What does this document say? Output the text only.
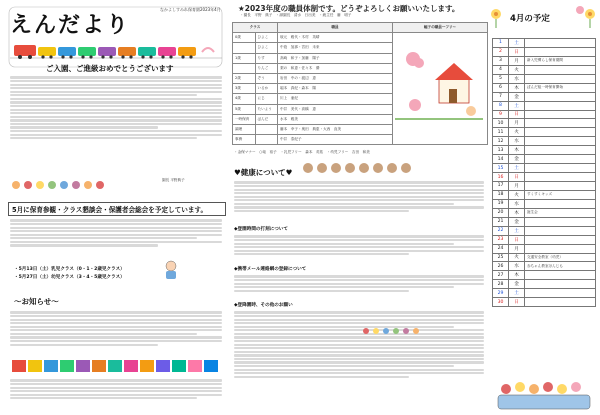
えんだより
なかよしすみれ保育園2023年4月
ご入園、ご進級おめでとうございます
園長 平野典子
5月に保育参観・クラス懇談会・保護者会総会を予定しています。
・5月13日（土）乳児クラス（0・1・2歳児クラス）
・5月27日（土）幼児クラス（3・4・5歳児クラス）
～お知らせ～
★2023年度の職員体制です。どうぞよろしくお願いいたします。
・園長　平野　典子　・副園長　清水　日出美　・統主任　藤　明子
クラス		職員	幅子の職員一フリー
0歳	ひよこ	坂元　雅代・木村　英晴	
	ひよこ	中島　加那・宮田　未来	
1歳	りす	高崎　和子・加藤　陽子	
	りんご	梨の　和恵・佐々木　優	
2歳	ぞう	岩田　中の・渡辺　恵	
3歳	いるか	堀本　真紀・森本　陽	
4歳	にじ	川上　亜紀	
5歳	たいよう	中井　美代・高橋　恵	
一時保育	ばんだ	水本　雅美	
調理		藤本　幸子・奥田　典恵・大西　直美	
事務		中井　泰紀子	
・金保マナー　○竜　裕子　・乳児フリー　森本　英佑　・幼児フリー　吉田　和美
♥健康について♥
◆登園時間の打刻について
◆携帯メール連絡網の登録について
◆登降園時、その他のお願い
4月の予定
1	土	
2	日	
3	月	新入児慣らし保育期間
4	火	
5	水	
6	木	ぽんだ組一時保育開始
7	金	
8	土	
9	日	
10	月	
11	火	
12	水	
13	木	
14	金	
15	土	
16	日	
17	月	
18	火	すくすくキッズ
19	水	
20	木	誕生会
21	金	
22	土	
23	日	
24	月	
25	火	交通安全教室（幼児）
26	水	赤ちゃん教室ほんじも
27	木	
28	金	
29	土	
30	日	
